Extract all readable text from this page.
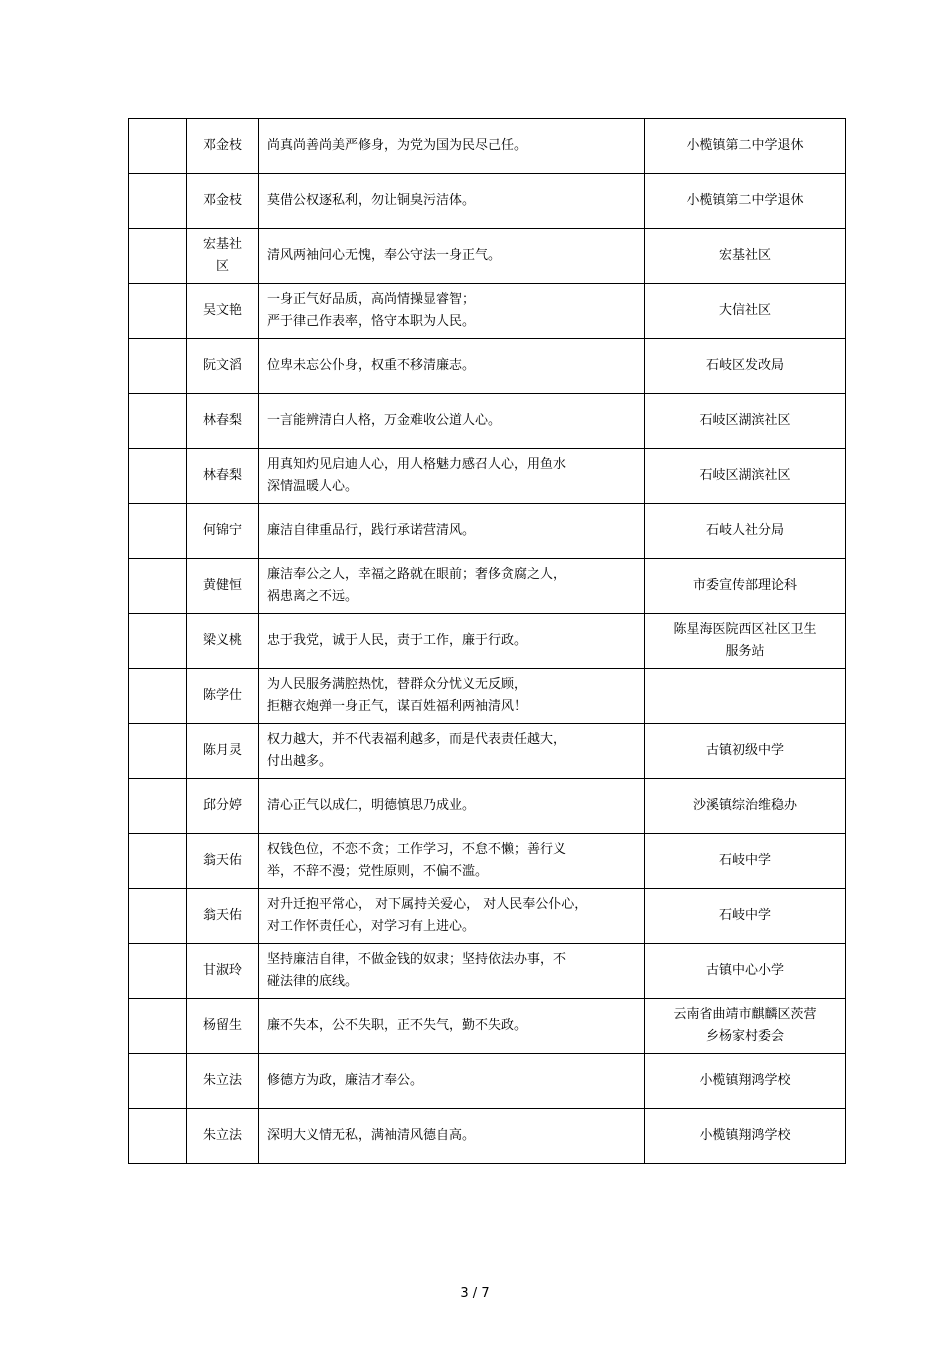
	邓金枝	尚真尚善尚美严修身，为党为国为民尽己任。	小榄镇第二中学退休

	邓金枝	莫借公权逐私利，勿让铜臭污洁体。	小榄镇第二中学退休

	宏基社
区	清风两袖问心无愧，奉公守法一身正气。	宏基社区

	吴文艳	一身正气好品质，高尚情操显睿智；
严于律己作表率，恪守本职为人民。	大信社区

	阮文滔	位卑未忘公仆身，权重不移清廉志。	石岐区发改局

	林春梨	一言能辨清白人格，万金难收公道人心。	石岐区湖滨社区

	林春梨	用真知灼见启迪人心，用人格魅力感召人心，用鱼水
深情温暖人心。	石岐区湖滨社区

	何锦宁	廉洁自律重品行，践行承诺营清风。	石岐人社分局

	黄健恒	廉洁奉公之人，幸福之路就在眼前；奢侈贪腐之人，
祸患离之不远。	市委宣传部理论科

	梁义桃	忠于我党，诚于人民，责于工作，廉于行政。	陈星海医院西区社区卫生
服务站

	陈学仕	为人民服务满腔热忱，替群众分忧义无反顾，
拒糖衣炮弹一身正气，谋百姓福利两袖清风！	

	陈月灵	权力越大，并不代表福利越多，而是代表责任越大，
付出越多。	古镇初级中学

	邱分婷	清心正气以成仁，明德慎思乃成业。	沙溪镇综治维稳办

	翁天佑	权钱色位，不恋不贪；工作学习，不怠不懒；善行义
举，不辞不漫；党性原则，不偏不滥。	石岐中学

	翁天佑	对升迁抱平常心， 对下属持关爱心， 对人民奉公仆心，
对工作怀责任心，对学习有上进心。	石岐中学

	甘淑玲	坚持廉洁自律，不做金钱的奴隶；坚持依法办事，不
碰法律的底线。	古镇中心小学

	杨留生	廉不失本，公不失职，正不失气，勤不失政。	云南省曲靖市麒麟区茨营
乡杨家村委会

	朱立法	修德方为政，廉洁才奉公。	小榄镇翔鸿学校

	朱立法	深明大义情无私，满袖清风德自高。	小榄镇翔鸿学校
3 / 7
